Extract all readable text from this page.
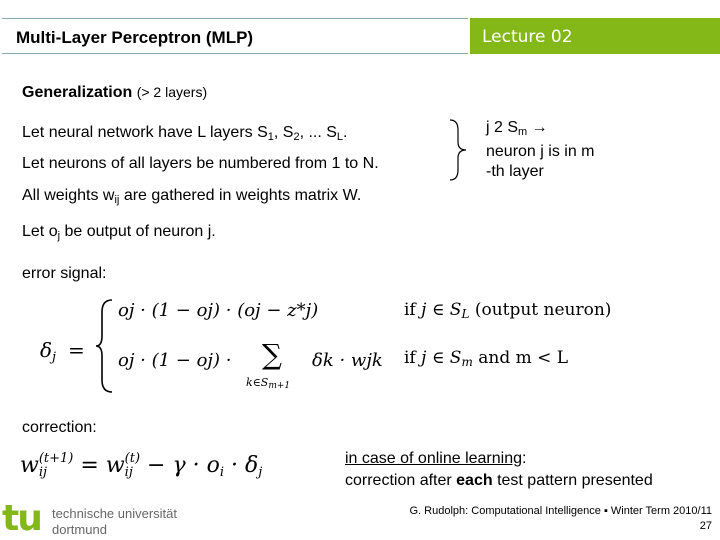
Multi-Layer Perceptron (MLP)	Lecture 02
Generalization (> 2 layers)
Let neural network have L layers $S_1$, $S_2$, ... $S_L$.
Let neurons of all layers be numbered from 1 to N.
j 2 $S_m$ →
neuron j is in m
-th layer
All weights $w_{ij}$ are gathered in weights matrix W.
Let $o_j$ be output of neuron j.
error signal:
$\delta_j$ =
oj · (1 − oj) · (oj − z*j)	if j ∈ SL (output neuron)
oj · (1 − oj) · ∑
k∈Sm+1
δk · wjk if j ∈ Sm and m < L
correction:
w (t+1)
ij	= w (t)
ij − γ · oi · δj
in case of online learning:
correction after each test pattern presented
tu technische universität
dortmund
G. Rudolph: Computational Intelligence ▪ Winter Term 2010/11
27
